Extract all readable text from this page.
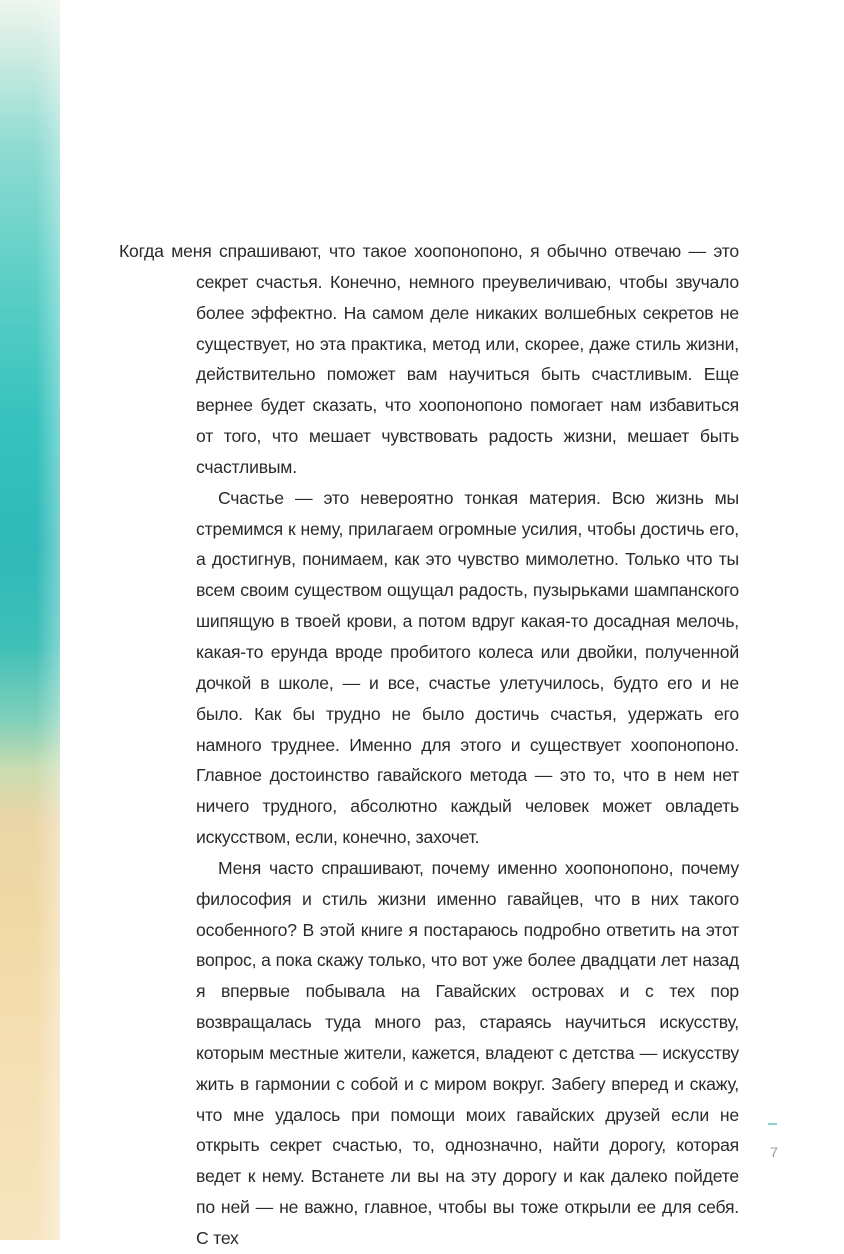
Когда меня спрашивают, что такое хоопонопоно, я обычно отвечаю — это секрет счастья. Конечно, немного преувеличиваю, чтобы звучало более эффектно. На самом деле никаких волшебных секретов не существует, но эта практика, метод или, скорее, даже стиль жизни, действительно поможет вам научиться быть счастливым. Еще вернее будет сказать, что хоопонопоно помогает нам избавиться от того, что мешает чувствовать радость жизни, мешает быть счастливым.

Счастье — это невероятно тонкая материя. Всю жизнь мы стремимся к нему, прилагаем огромные усилия, чтобы достичь его, а достигнув, понимаем, как это чувство мимолетно. Только что ты всем своим существом ощущал радость, пузырьками шампанского шипящую в твоей крови, а потом вдруг какая-то досадная мелочь, какая-то ерунда вроде пробитого колеса или двойки, полученной дочкой в школе, — и все, счастье улетучилось, будто его и не было. Как бы трудно не было достичь счастья, удержать его намного труднее. Именно для этого и существует хоопонопоно. Главное достоинство гавайского метода — это то, что в нем нет ничего трудного, абсолютно каждый человек может овладеть искусством, если, конечно, захочет.

Меня часто спрашивают, почему именно хоопонопоно, почему философия и стиль жизни именно гавайцев, что в них такого особенного? В этой книге я постараюсь подробно ответить на этот вопрос, а пока скажу только, что вот уже более двадцати лет назад я впервые побывала на Гавайских островах и с тех пор возвращалась туда много раз, стараясь научиться искусству, которым местные жители, кажется, владеют с детства — искусству жить в гармонии с собой и с миром вокруг. Забегу вперед и скажу, что мне удалось при помощи моих гавайских друзей если не открыть секрет счастью, то, однозначно, найти дорогу, которая ведет к нему. Встанете ли вы на эту дорогу и как далеко пойдете по ней — не важно, главное, чтобы вы тоже открыли ее для себя. С тех

7
